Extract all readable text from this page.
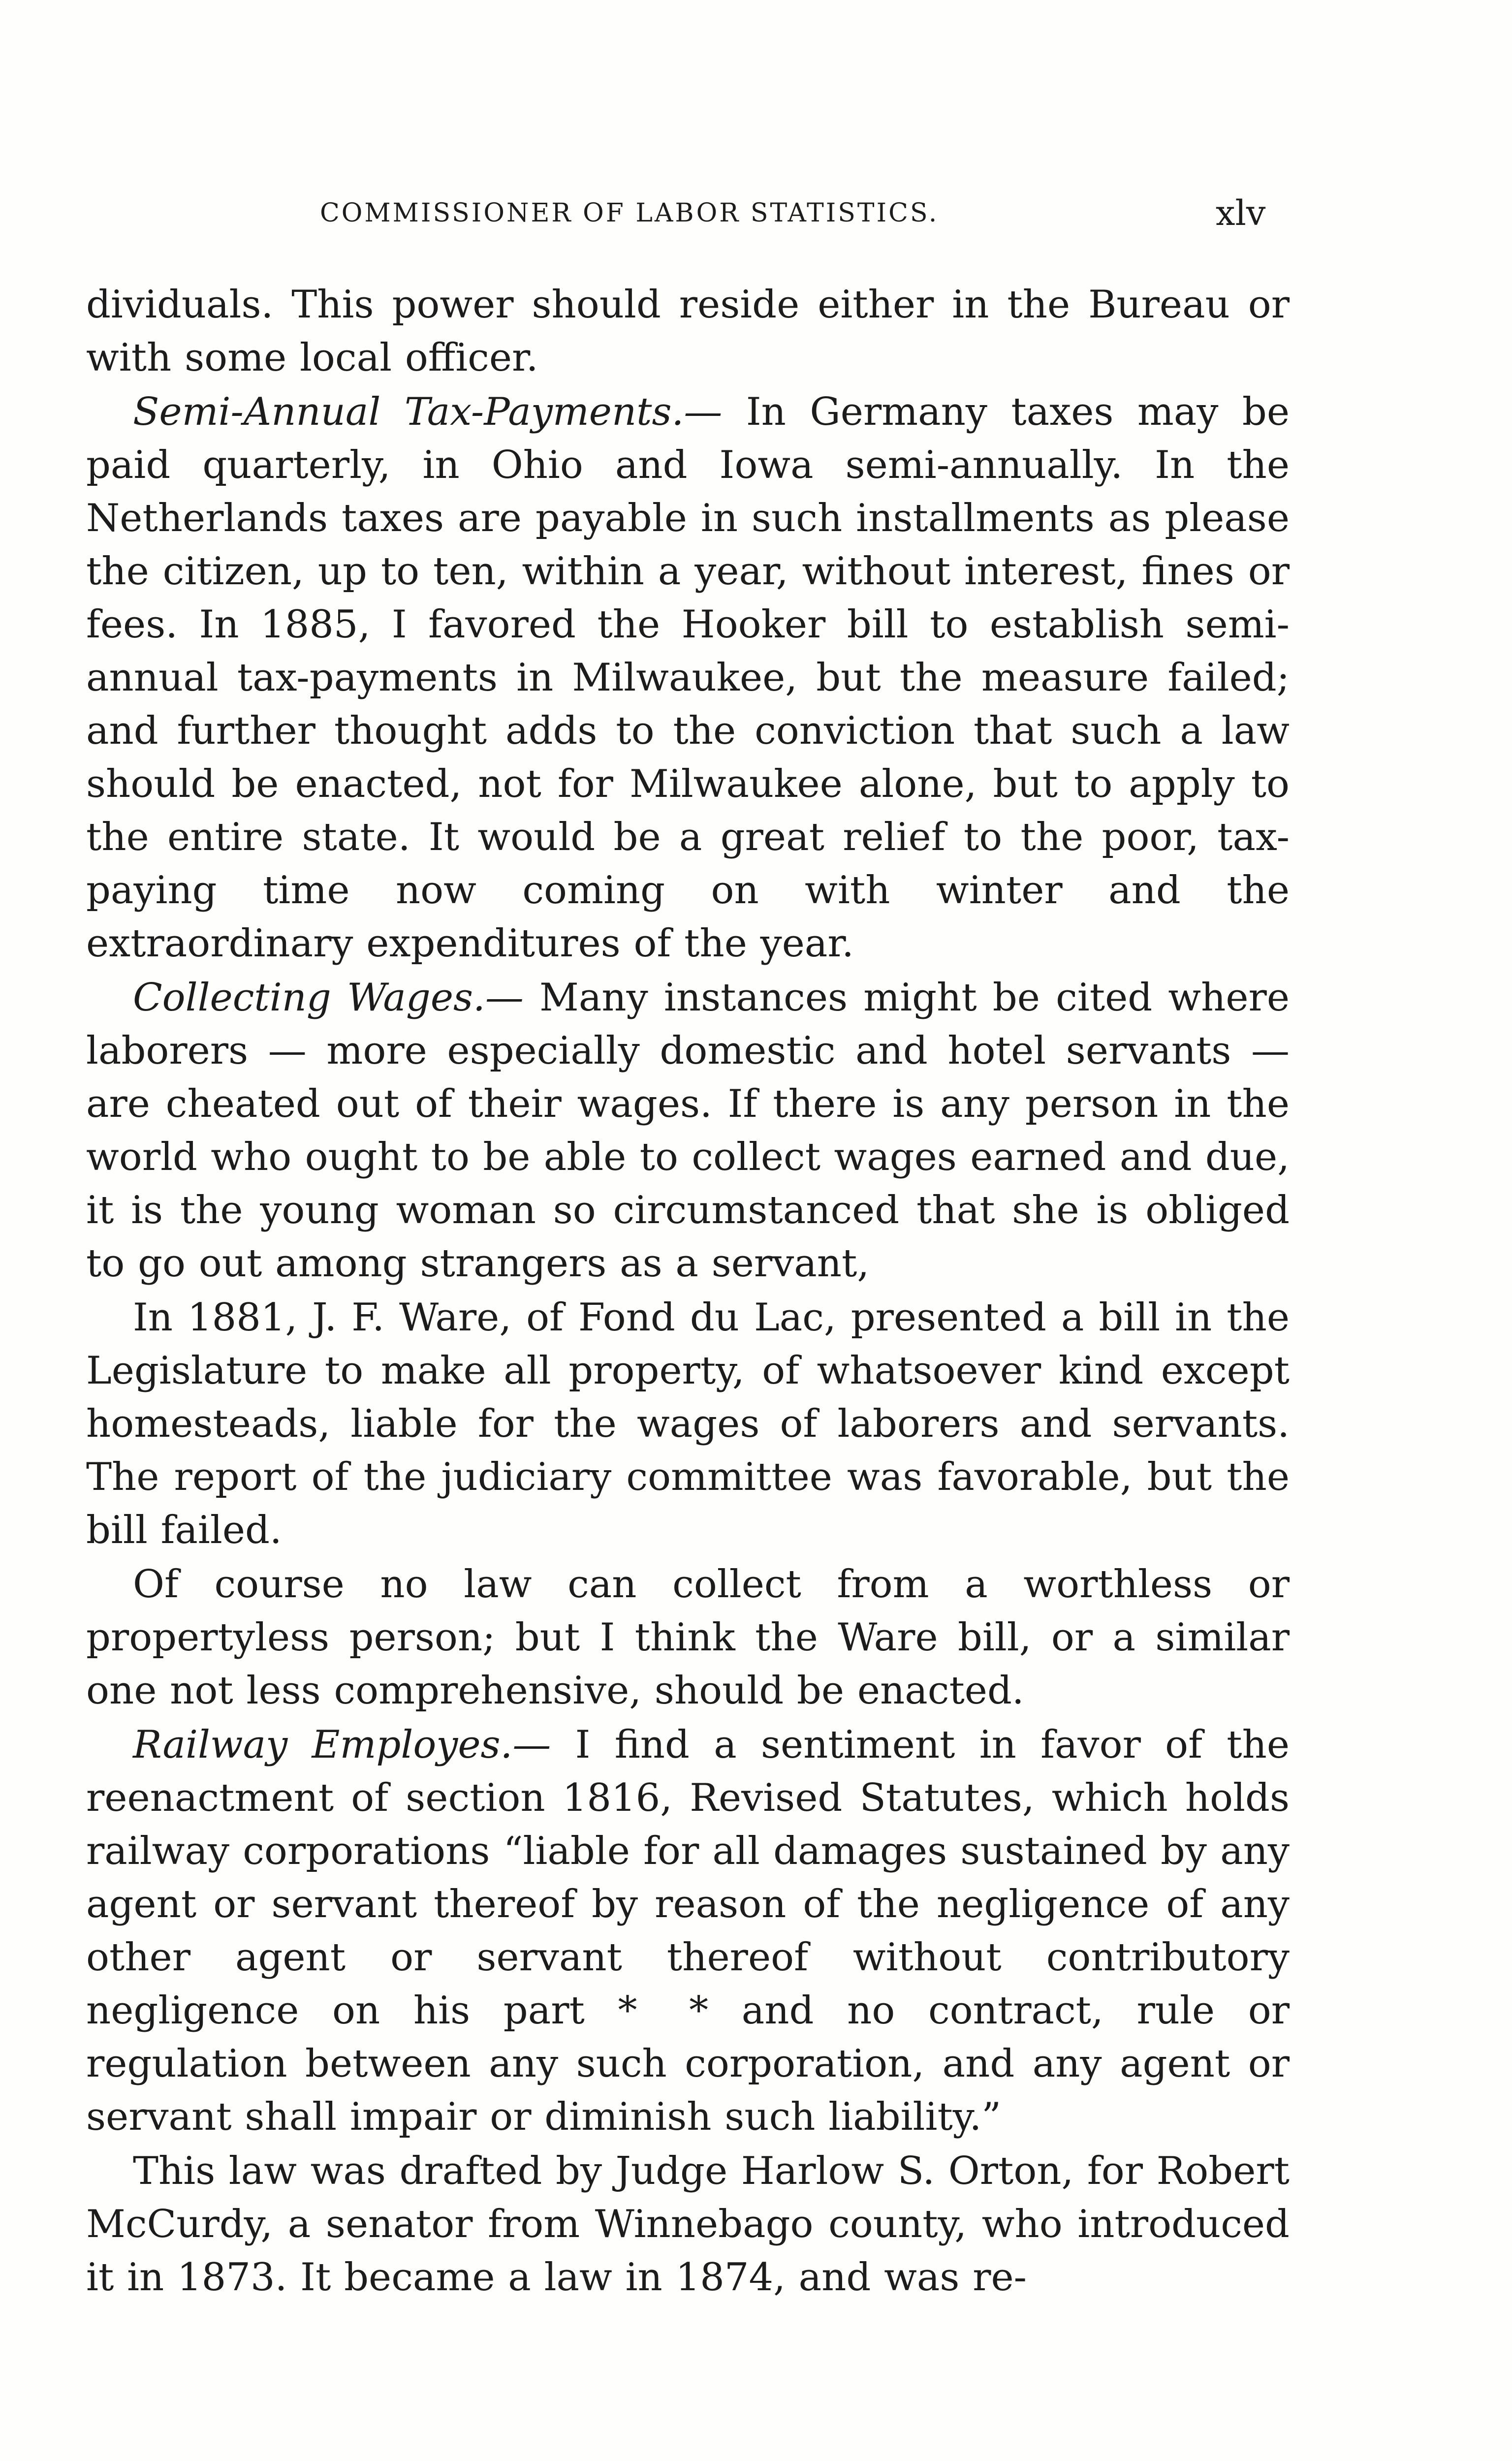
COMMISSIONER OF LABOR STATISTICS.	xlv

dividuals. This power should reside either in the Bureau or with some local officer.

Semi-Annual Tax-Payments.— In Germany taxes may be paid quarterly, in Ohio and Iowa semi-annually. In the Netherlands taxes are payable in such installments as please the citizen, up to ten, within a year, without interest, fines or fees. In 1885, I favored the Hooker bill to establish semi-annual tax-payments in Milwaukee, but the measure failed; and further thought adds to the conviction that such a law should be enacted, not for Milwaukee alone, but to apply to the entire state. It would be a great relief to the poor, tax-paying time now coming on with winter and the extraordinary expenditures of the year.

Collecting Wages.— Many instances might be cited where laborers — more especially domestic and hotel servants — are cheated out of their wages. If there is any person in the world who ought to be able to collect wages earned and due, it is the young woman so circumstanced that she is obliged to go out among strangers as a servant,

In 1881, J. F. Ware, of Fond du Lac, presented a bill in the Legislature to make all property, of whatsoever kind except homesteads, liable for the wages of laborers and servants. The report of the judiciary committee was favorable, but the bill failed.

Of course no law can collect from a worthless or propertyless person; but I think the Ware bill, or a similar one not less comprehensive, should be enacted.

Railway Employes.— I find a sentiment in favor of the reenactment of section 1816, Revised Statutes, which holds railway corporations “liable for all damages sustained by any agent or servant thereof by reason of the negligence of any other agent or servant thereof without contributory negligence on his part * * and no contract, rule or regulation between any such corporation, and any agent or servant shall impair or diminish such liability.”

This law was drafted by Judge Harlow S. Orton, for Robert McCurdy, a senator from Winnebago county, who introduced it in 1873. It became a law in 1874, and was re-
